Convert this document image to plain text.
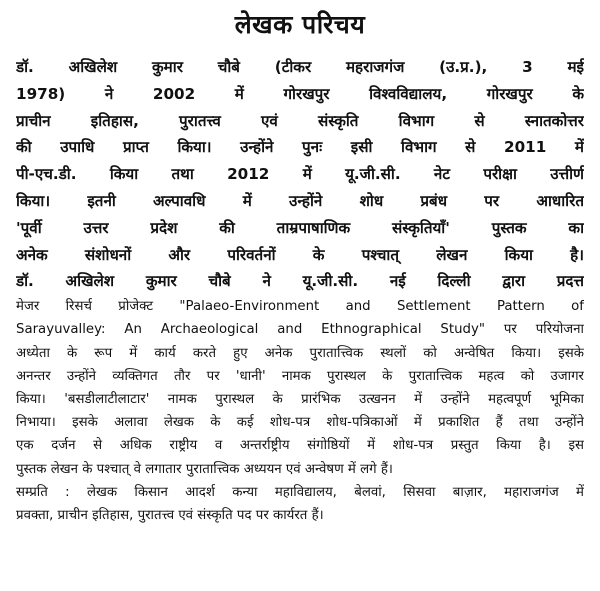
लेखक परिचय
डॉ. अखिलेश कुमार चौबे (टीकर महराजगंज (उ.प्र.), 3 मई
1978) ने 2002 में गोरखपुर विश्वविद्यालय, गोरखपुर के
प्राचीन इतिहास, पुरातत्त्व एवं संस्कृति विभाग से स्नातकोत्तर
की उपाधि प्राप्त किया। उन्होंने पुनः इसी विभाग से 2011 में
पी-एच.डी. किया तथा 2012 में यू.जी.सी. नेट परीक्षा उत्तीर्ण
किया। इतनी अल्पावधि में उन्होंने शोध प्रबंध पर आधारित
'पूर्वी उत्तर प्रदेश की ताम्रपाषाणिक संस्कृतियाँ' पुस्तक का
अनेक संशोधनों और परिवर्तनों के पश्चात् लेखन किया है।
डॉ. अखिलेश कुमार चौबे ने यू.जी.सी. नई दिल्ली द्वारा प्रदत्त
मेजर रिसर्च प्रोजेक्ट "Palaeo-Environment and Settlement Pattern of
Sarayuvalley: An Archaeological and Ethnographical Study" पर परियोजना
अध्येता के रूप में कार्य करते हुए अनेक पुरातात्त्विक स्थलों को अन्वेषित किया। इसके
अनन्तर उन्होंने व्यक्तिगत तौर पर 'धानी' नामक पुरास्थल के पुरातात्त्विक महत्व को उजागर
किया। 'बसडीलाटीलाटार' नामक पुरास्थल के प्रारंभिक उत्खनन में उन्होंने महत्वपूर्ण भूमिका
निभाया। इसके अलावा लेखक के कई शोध-पत्र शोध-पत्रिकाओं में प्रकाशित हैं तथा उन्होंने
एक दर्जन से अधिक राष्ट्रीय व अन्तर्राष्ट्रीय संगोष्ठियों में शोध-पत्र प्रस्तुत किया है। इस
पुस्तक लेखन के पश्चात् वे लगातार पुरातात्त्विक अध्ययन एवं अन्वेषण में लगे हैं।
सम्प्रति : लेखक किसान आदर्श कन्या महाविद्यालय, बेलवां, सिसवा बाज़ार, महाराजगंज में
प्रवक्ता, प्राचीन इतिहास, पुरातत्त्व एवं संस्कृति पद पर कार्यरत हैं।
